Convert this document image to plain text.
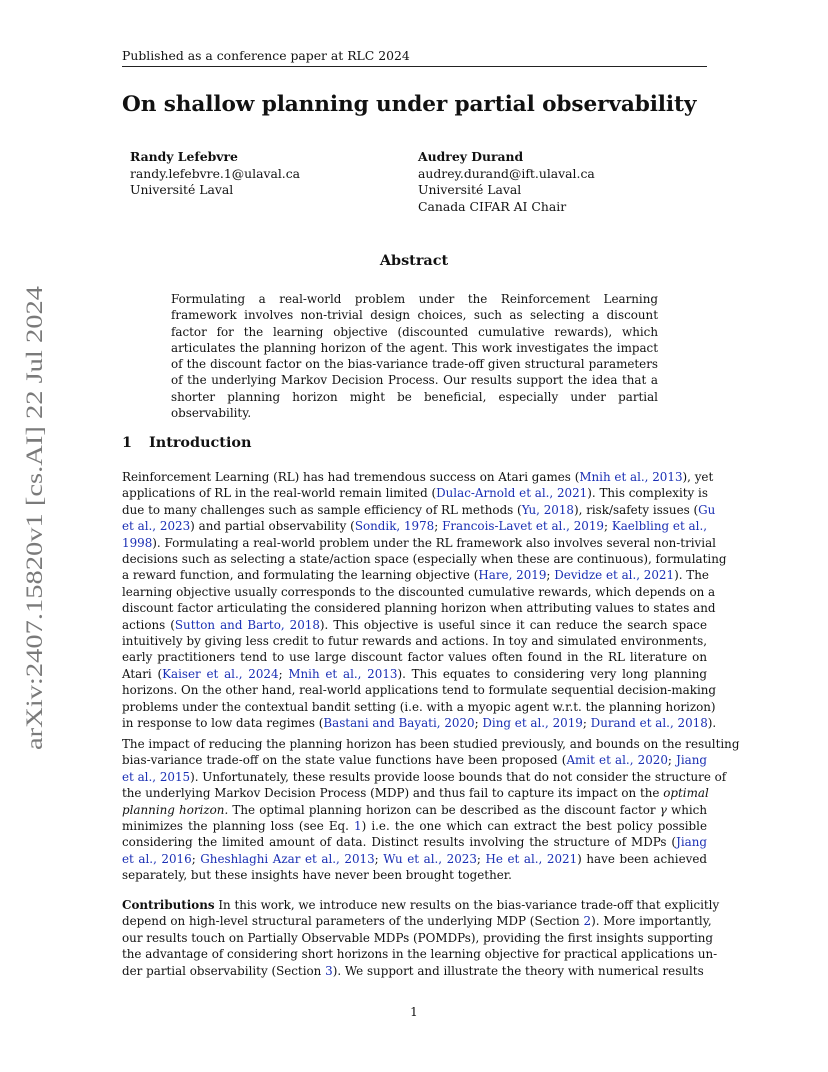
Published as a conference paper at RLC 2024
On shallow planning under partial observability
Randy Lefebvre
randy.lefebvre.1@ulaval.ca
Université Laval
Audrey Durand
audrey.durand@ift.ulaval.ca
Université Laval
Canada CIFAR AI Chair
Abstract
Formulating a real-world problem under the Reinforcement Learning framework involves non-trivial design choices, such as selecting a discount factor for the learning objective (discounted cumulative rewards), which articulates the planning horizon of the agent. This work investigates the impact of the discount factor on the bias-variance trade-off given structural parameters of the underlying Markov Decision Process. Our results support the idea that a shorter planning horizon might be beneficial, especially under partial observability.
1 Introduction
Reinforcement Learning (RL) has had tremendous success on Atari games (Mnih et al., 2013), yet
applications of RL in the real-world remain limited (Dulac-Arnold et al., 2021). This complexity is
due to many challenges such as sample efficiency of RL methods (Yu, 2018), risk/safety issues (Gu
et al., 2023) and partial observability (Sondik, 1978; Francois-Lavet et al., 2019; Kaelbling et al.,
1998). Formulating a real-world problem under the RL framework also involves several non-trivial
decisions such as selecting a state/action space (especially when these are continuous), formulating
a reward function, and formulating the learning objective (Hare, 2019; Devidze et al., 2021). The
learning objective usually corresponds to the discounted cumulative rewards, which depends on a
discount factor articulating the considered planning horizon when attributing values to states and
actions (Sutton and Barto, 2018). This objective is useful since it can reduce the search space
intuitively by giving less credit to futur rewards and actions. In toy and simulated environments,
early practitioners tend to use large discount factor values often found in the RL literature on
Atari (Kaiser et al., 2024; Mnih et al., 2013). This equates to considering very long planning
horizons. On the other hand, real-world applications tend to formulate sequential decision-making
problems under the contextual bandit setting (i.e. with a myopic agent w.r.t. the planning horizon)
in response to low data regimes (Bastani and Bayati, 2020; Ding et al., 2019; Durand et al., 2018).
The impact of reducing the planning horizon has been studied previously, and bounds on the resulting
bias-variance trade-off on the state value functions have been proposed (Amit et al., 2020; Jiang
et al., 2015). Unfortunately, these results provide loose bounds that do not consider the structure of
the underlying Markov Decision Process (MDP) and thus fail to capture its impact on the optimal
planning horizon. The optimal planning horizon can be described as the discount factor γ which
minimizes the planning loss (see Eq. 1) i.e. the one which can extract the best policy possible
considering the limited amount of data. Distinct results involving the structure of MDPs (Jiang
et al., 2016; Gheshlaghi Azar et al., 2013; Wu et al., 2023; He et al., 2021) have been achieved
separately, but these insights have never been brought together.
Contributions In this work, we introduce new results on the bias-variance trade-off that explicitly
depend on high-level structural parameters of the underlying MDP (Section 2). More importantly,
our results touch on Partially Observable MDPs (POMDPs), providing the first insights supporting
the advantage of considering short horizons in the learning objective for practical applications un-
der partial observability (Section 3). We support and illustrate the theory with numerical results
1
arXiv:2407.15820v1 [cs.AI] 22 Jul 2024
